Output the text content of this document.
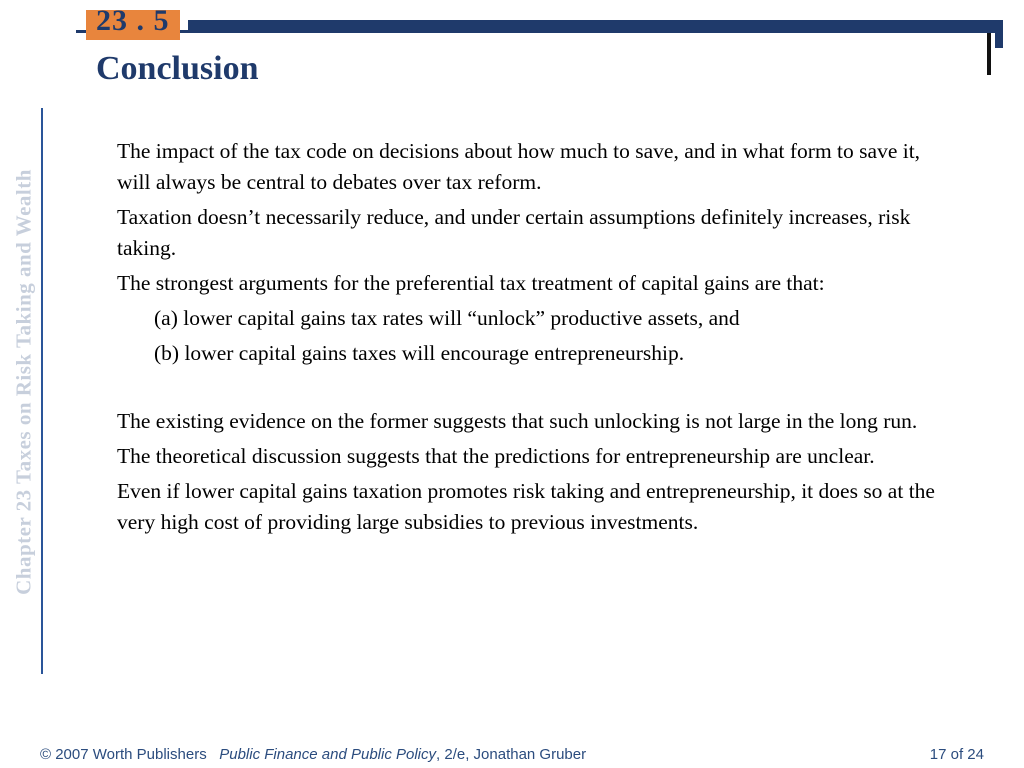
23 . 5
Conclusion
Chapter 23 Taxes on Risk Taking and Wealth

The impact of the tax code on decisions about how much to save, and in what form to save it, will always be central to debates over tax reform.

Taxation doesn’t necessarily reduce, and under certain assumptions definitely increases, risk taking.

The strongest arguments for the preferential tax treatment of capital gains are that:

(a) lower capital gains tax rates will “unlock” productive assets, and

(b) lower capital gains taxes will encourage entrepreneurship.

The existing evidence on the former suggests that such unlocking is not large in the long run.

The theoretical discussion suggests that the predictions for entrepreneurship are unclear.

Even if lower capital gains taxation promotes risk taking and entrepreneurship, it does so at the very high cost of providing large subsidies to previous investments.

© 2007 Worth Publishers Public Finance and Public Policy, 2/e, Jonathan Gruber	17 of 24
